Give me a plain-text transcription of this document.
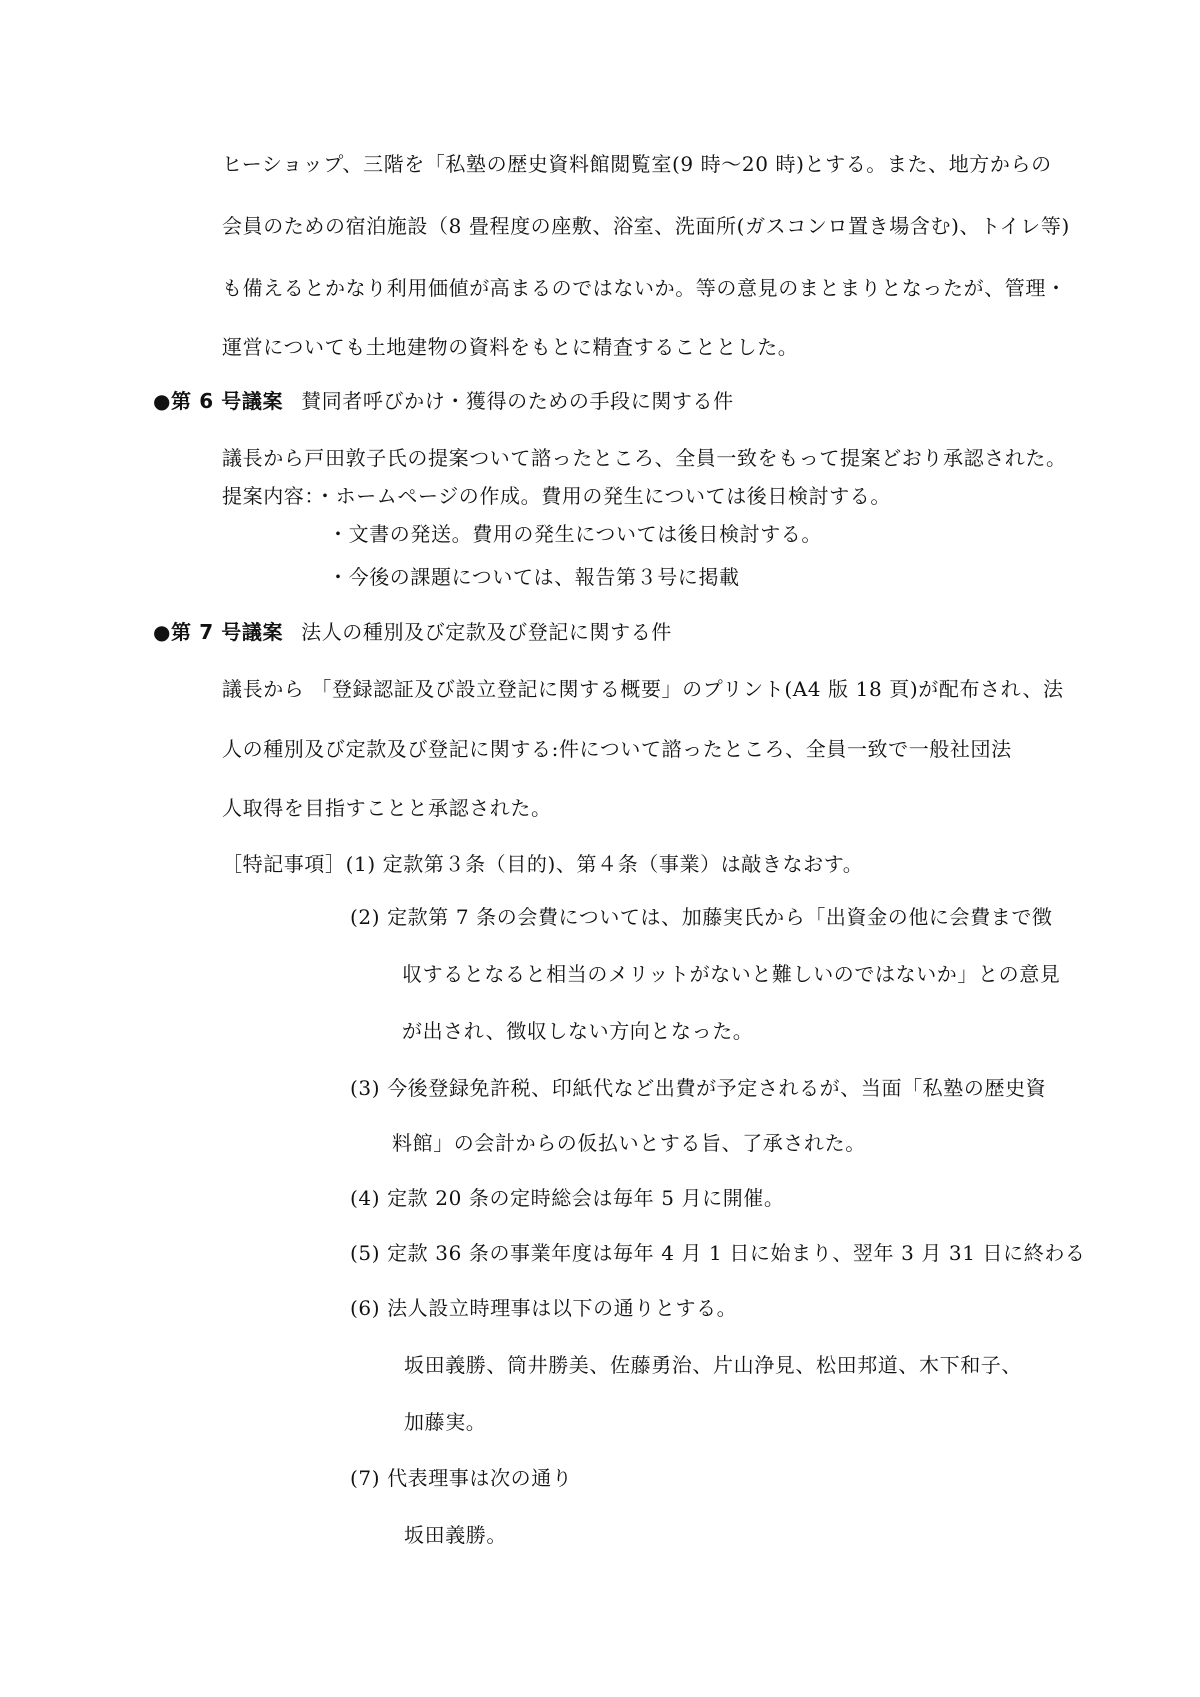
ヒーショップ、三階を「私塾の歴史資料館閲覧室(9 時～20 時)とする。また、地方からの
会員のための宿泊施設（8 畳程度の座敷、浴室、洗面所(ガスコンロ置き場含む)、トイレ等)
も備えるとかなり利用価値が高まるのではないか。等の意見のまとまりとなったが、管理・
運営についても土地建物の資料をもとに精査することとした。
●第 6 号議案 賛同者呼びかけ・獲得のための手段に関する件
議長から戸田敦子氏の提案ついて諮ったところ、全員一致をもって提案どおり承認された。
提案内容：・ホームページの作成。費用の発生については後日検討する。
・文書の発送。費用の発生については後日検討する。
・今後の課題については、報告第３号に掲載
●第 7 号議案 法人の種別及び定款及び登記に関する件
議長から 「登録認証及び設立登記に関する概要」のプリント(A4 版 18 頁)が配布され、法
人の種別及び定款及び登記に関する:件について諮ったところ、全員一致で一般社団法
人取得を目指すことと承認された。
［特記事項］(1) 定款第３条（目的)、第４条（事業）は敲きなおす。
(2) 定款第 7 条の会費については、加藤実氏から「出資金の他に会費まで徴
収するとなると相当のメリットがないと難しいのではないか」との意見
が出され、徴収しない方向となった。
(3) 今後登録免許税、印紙代など出費が予定されるが、当面「私塾の歴史資
料館」の会計からの仮払いとする旨、了承された。
(4) 定款 20 条の定時総会は毎年 5 月に開催。
(5) 定款 36 条の事業年度は毎年 4 月 1 日に始まり、翌年 3 月 31 日に終わる
(6) 法人設立時理事は以下の通りとする。
坂田義勝、筒井勝美、佐藤勇治、片山浄見、松田邦道、木下和子、
加藤実。
(7) 代表理事は次の通り
坂田義勝。
